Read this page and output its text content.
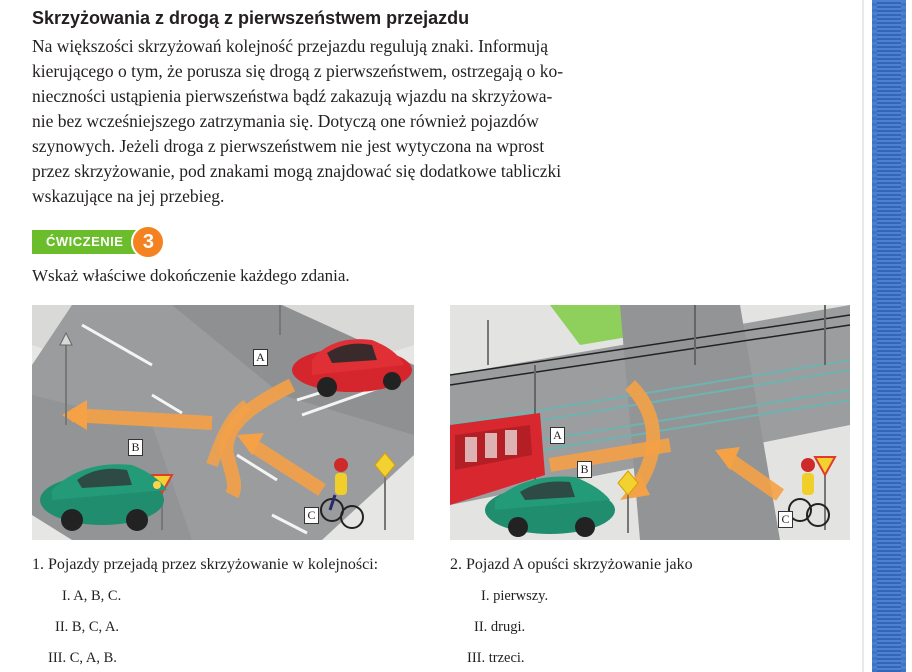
Skrzyżowania z drogą z pierwszeństwem przejazdu
Na większości skrzyżowań kolejność przejazdu regulują znaki. Informują
kierującego o tym, że porusza się drogą z pierwszeństwem, ostrzegają o ko-
nieczności ustąpienia pierwszeństwa bądź zakazują wjazdu na skrzyżowa-
nie bez wcześniejszego zatrzymania się. Dotyczą one również pojazdów
szynowych. Jeżeli droga z pierwszeństwem nie jest wytyczona na wprost
przez skrzyżowanie, pod znakami mogą znajdować się dodatkowe tabliczki
wskazujące na jej przebieg.
ĆWICZENIE 3

Wskaż właściwe dokończenie każdego zdania.

A
B
C
A
B
C

1. Pojazdy przejadą przez skrzyżowanie w kolejności:

I. A, B, C.

II. B, C, A.

III. C, A, B.

2. Pojazd A opuści skrzyżowanie jako

I. pierwszy.

II. drugi.

III. trzeci.
